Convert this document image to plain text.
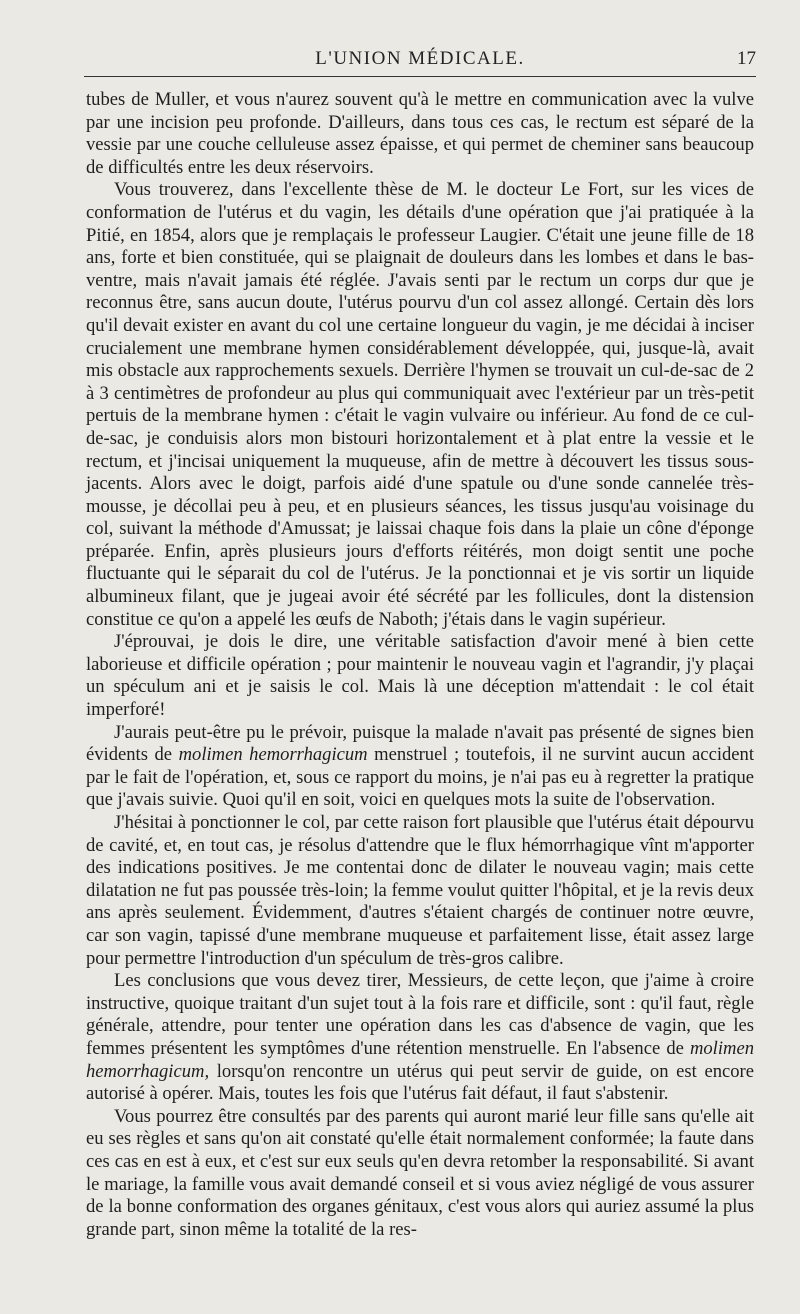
L'UNION MÉDICALE.	17

tubes de Muller, et vous n'aurez souvent qu'à le mettre en communication avec la vulve par une incision peu profonde. D'ailleurs, dans tous ces cas, le rectum est séparé de la vessie par une couche celluleuse assez épaisse, et qui permet de cheminer sans beaucoup de difficultés entre les deux réservoirs.

Vous trouverez, dans l'excellente thèse de M. le docteur Le Fort, sur les vices de conformation de l'utérus et du vagin, les détails d'une opération que j'ai pratiquée à la Pitié, en 1854, alors que je remplaçais le professeur Laugier. C'était une jeune fille de 18 ans, forte et bien constituée, qui se plaignait de douleurs dans les lombes et dans le bas-ventre, mais n'avait jamais été réglée. J'avais senti par le rectum un corps dur que je reconnus être, sans aucun doute, l'utérus pourvu d'un col assez allongé. Certain dès lors qu'il devait exister en avant du col une certaine longueur du vagin, je me décidai à inciser crucialement une membrane hymen considérablement développée, qui, jusque-là, avait mis obstacle aux rapprochements sexuels. Derrière l'hymen se trouvait un cul-de-sac de 2 à 3 centimètres de profondeur au plus qui communiquait avec l'extérieur par un très-petit pertuis de la membrane hymen : c'était le vagin vulvaire ou inférieur. Au fond de ce cul-de-sac, je conduisis alors mon bistouri horizontalement et à plat entre la vessie et le rectum, et j'incisai uniquement la muqueuse, afin de mettre à découvert les tissus sous-jacents. Alors avec le doigt, parfois aidé d'une spatule ou d'une sonde cannelée très-mousse, je décollai peu à peu, et en plusieurs séances, les tissus jusqu'au voisinage du col, suivant la méthode d'Amussat; je laissai chaque fois dans la plaie un cône d'éponge préparée. Enfin, après plusieurs jours d'efforts réitérés, mon doigt sentit une poche fluctuante qui le séparait du col de l'utérus. Je la ponctionnai et je vis sortir un liquide albumineux filant, que je jugeai avoir été sécrété par les follicules, dont la distension constitue ce qu'on a appelé les œufs de Naboth; j'étais dans le vagin supérieur.

J'éprouvai, je dois le dire, une véritable satisfaction d'avoir mené à bien cette laborieuse et difficile opération ; pour maintenir le nouveau vagin et l'agrandir, j'y plaçai un spéculum ani et je saisis le col. Mais là une déception m'attendait : le col était imperforé!

J'aurais peut-être pu le prévoir, puisque la malade n'avait pas présenté de signes bien évidents de molimen hemorrhagicum menstruel ; toutefois, il ne survint aucun accident par le fait de l'opération, et, sous ce rapport du moins, je n'ai pas eu à regretter la pratique que j'avais suivie. Quoi qu'il en soit, voici en quelques mots la suite de l'observation.

J'hésitai à ponctionner le col, par cette raison fort plausible que l'utérus était dépourvu de cavité, et, en tout cas, je résolus d'attendre que le flux hémorrhagique vînt m'apporter des indications positives. Je me contentai donc de dilater le nouveau vagin; mais cette dilatation ne fut pas poussée très-loin; la femme voulut quitter l'hôpital, et je la revis deux ans après seulement. Évidemment, d'autres s'étaient chargés de continuer notre œuvre, car son vagin, tapissé d'une membrane muqueuse et parfaitement lisse, était assez large pour permettre l'introduction d'un spéculum de très-gros calibre.

Les conclusions que vous devez tirer, Messieurs, de cette leçon, que j'aime à croire instructive, quoique traitant d'un sujet tout à la fois rare et difficile, sont : qu'il faut, règle générale, attendre, pour tenter une opération dans les cas d'absence de vagin, que les femmes présentent les symptômes d'une rétention menstruelle. En l'absence de molimen hemorrhagicum, lorsqu'on rencontre un utérus qui peut servir de guide, on est encore autorisé à opérer. Mais, toutes les fois que l'utérus fait défaut, il faut s'abstenir.

Vous pourrez être consultés par des parents qui auront marié leur fille sans qu'elle ait eu ses règles et sans qu'on ait constaté qu'elle était normalement conformée; la faute dans ces cas en est à eux, et c'est sur eux seuls qu'en devra retomber la responsabilité. Si avant le mariage, la famille vous avait demandé conseil et si vous aviez négligé de vous assurer de la bonne conformation des organes génitaux, c'est vous alors qui auriez assumé la plus grande part, sinon même la totalité de la res-
